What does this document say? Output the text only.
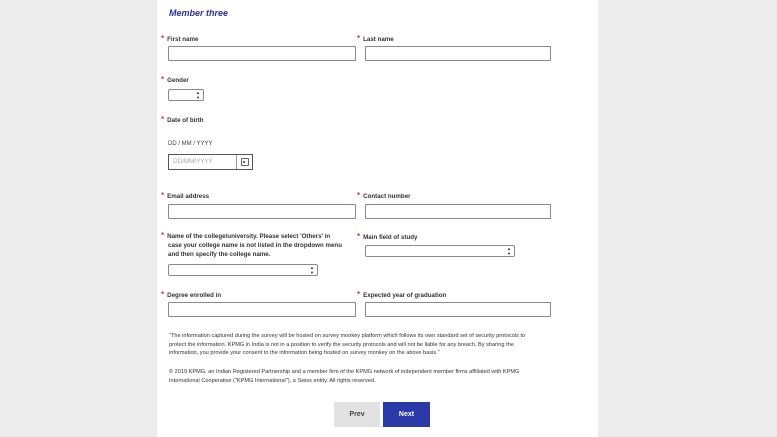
Member three
* First name	* Last name
* Gender
▲
▼
* Date of birth
DD / MM / YYYY
DD/MM/YYYY
* Email address	* Contact number
* Name of the college/university. Please select 'Others' in
case your college name is not listed in the dropdown menu
and then specify the college name.
▲
▼
* Main field of study
▲
▼
* Degree enrolled in	* Expected year of graduation
"The information captured during the survey will be hosted on survey monkey platform which follows its own standard set of security protocols to
protect the information. KPMG in India is not in a position to verify the security protocols and will not be liable for any breach. By sharing the
information, you provide your consent to the information being hosted on survey monkey on the above basis."
© 2019 KPMG, an Indian Registered Partnership and a member firm of the KPMG network of independent member firms affiliated with KPMG
International Cooperative ("KPMG International"), a Swiss entity. All rights reserved.
Prev	Next
